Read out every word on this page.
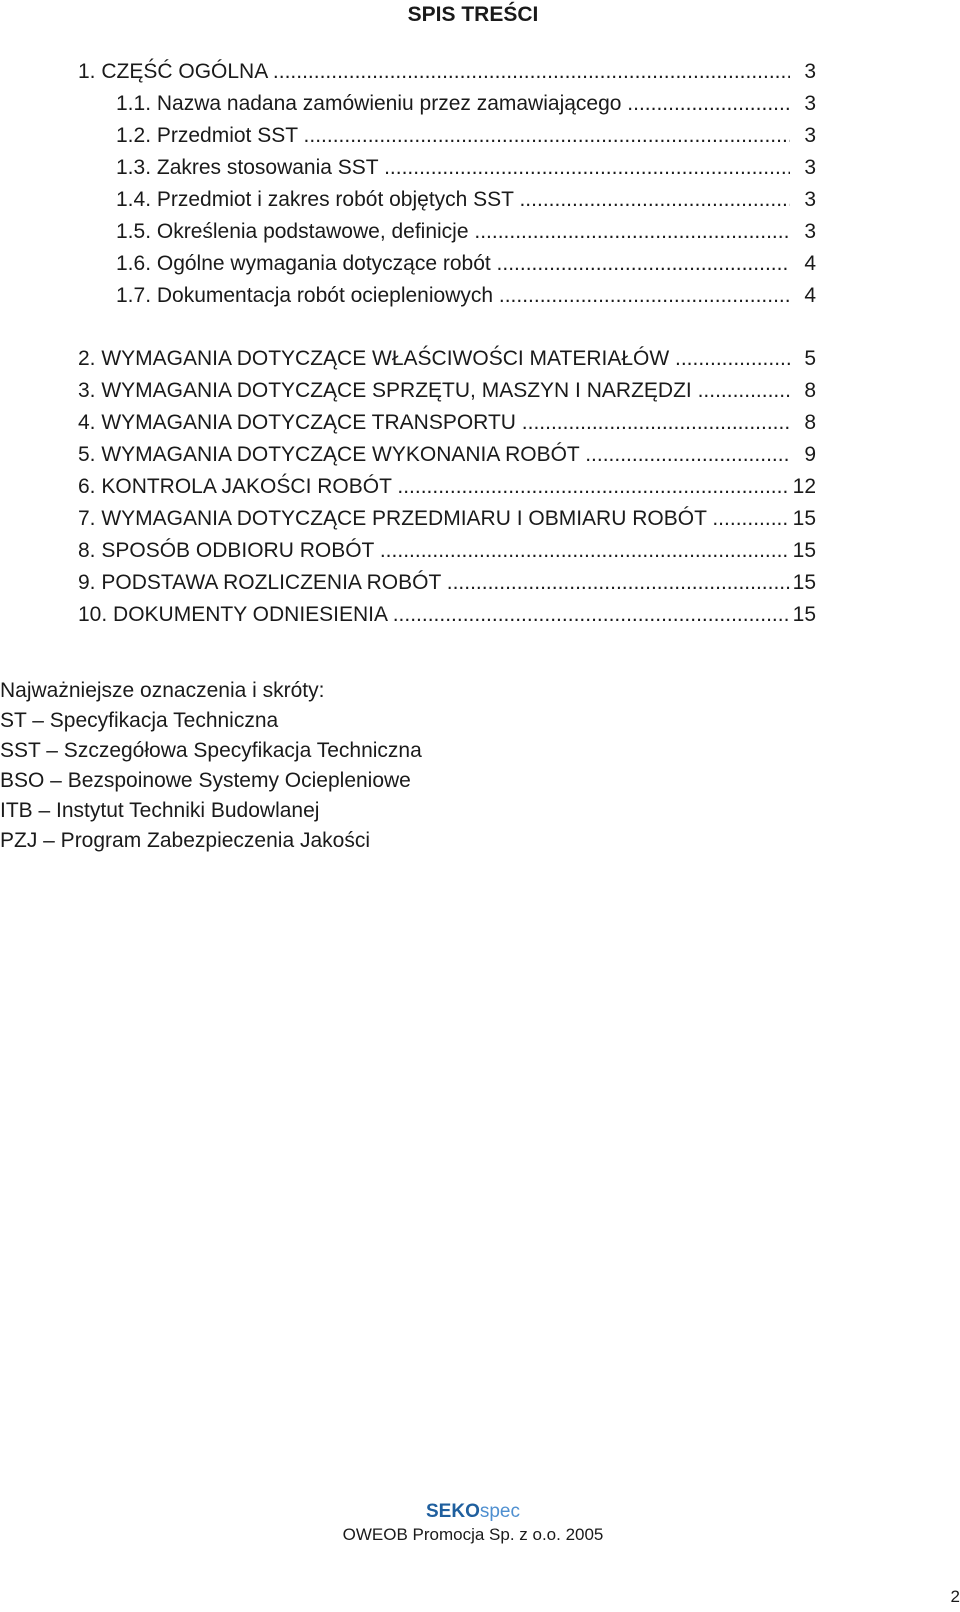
SPIS TREŚCI
1. CZĘŚĆ OGÓLNA .....	3
1.1. Nazwa nadana zamówieniu przez zamawiającego .....	3
1.2. Przedmiot SST .....	3
1.3. Zakres stosowania SST .....	3
1.4. Przedmiot i zakres robót objętych SST .....	3
1.5. Określenia podstawowe, definicje .....	3
1.6. Ogólne wymagania dotyczące robót .....	4
1.7. Dokumentacja robót ociepleniowych .....	4
2. WYMAGANIA DOTYCZĄCE WŁAŚCIWOŚCI MATERIAŁÓW .....	5
3. WYMAGANIA DOTYCZĄCE SPRZĘTU, MASZYN I NARZĘDZI .....	8
4. WYMAGANIA DOTYCZĄCE TRANSPORTU .....	8
5. WYMAGANIA DOTYCZĄCE WYKONANIA ROBÓT .....	9
6. KONTROLA JAKOŚCI ROBÓT .....	12
7. WYMAGANIA DOTYCZĄCE PRZEDMIARU I OBMIARU ROBÓT .....	15
8. SPOSÓB ODBIORU ROBÓT .....	15
9. PODSTAWA ROZLICZENIA ROBÓT .....	15
10. DOKUMENTY ODNIESIENIA .....	15
Najważniejsze oznaczenia i skróty:
ST – Specyfikacja Techniczna
SST – Szczegółowa Specyfikacja Techniczna
BSO – Bezspoinowe Systemy Ociepleniowe
ITB – Instytut Techniki Budowlanej
PZJ – Program Zabezpieczenia Jakości
SEKOspec
OWEOB Promocja Sp. z o.o. 2005
2
